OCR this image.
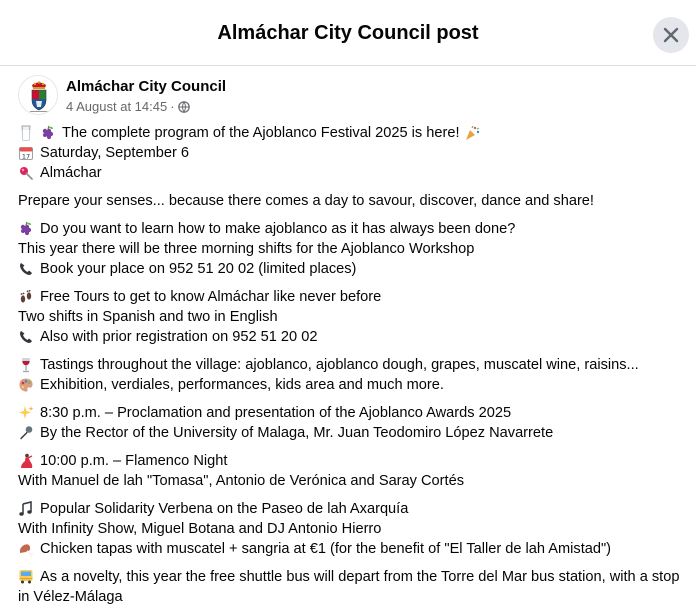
Almáchar City Council post
Almáchar City Council
4 August at 14:45 ·
The complete program of the Ajoblanco Festival 2025 is here!
17 Saturday, September 6
Almáchar
Prepare your senses... because there comes a day to savour, discover, dance and share!
Do you want to learn how to make ajoblanco as it has always been done?
This year there will be three morning shifts for the Ajoblanco Workshop
Book your place on 952 51 20 02 (limited places)
Free Tours to get to know Almáchar like never before
Two shifts in Spanish and two in English
Also with prior registration on 952 51 20 02
Tastings throughout the village: ajoblanco, ajoblanco dough, grapes, muscatel wine, raisins...
Exhibition, verdiales, performances, kids area and much more.
8:30 p.m. – Proclamation and presentation of the Ajoblanco Awards 2025
By the Rector of the University of Malaga, Mr. Juan Teodomiro López Navarrete
10:00 p.m. – Flamenco Night
With Manuel de lah "Tomasa", Antonio de Verónica and Saray Cortés
Popular Solidarity Verbena on the Paseo de lah Axarquía
With Infinity Show, Miguel Botana and DJ Antonio Hierro
Chicken tapas with muscatel + sangria at €1 (for the benefit of "El Taller de lah Amistad")
As a novelty, this year the free shuttle bus will depart from the Torre del Mar bus station, with a stop in Vélez-Málaga
